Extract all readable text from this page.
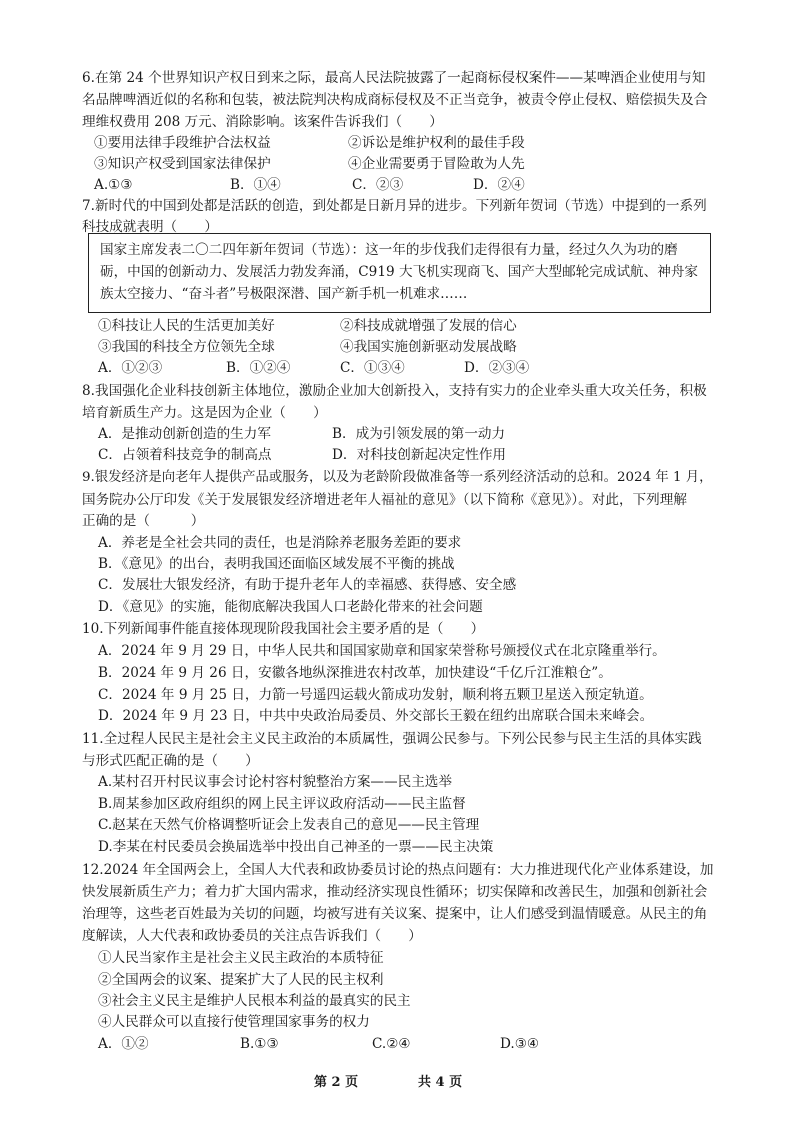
6.在第 24 个世界知识产权日到来之际，最高人民法院披露了一起商标侵权案件——某啤酒企业使用与知
名品牌啤酒近似的名称和包装，被法院判决构成商标侵权及不正当竞争，被责令停止侵权、赔偿损失及合
理维权费用 208 万元、消除影响。该案件告诉我们（　　）
①要用法律手段维护合法权益	②诉讼是维护权利的最佳手段
③知识产权受到国家法律保护	④企业需要勇于冒险敢为人先
A.①③	B．①④	C．②③	D．②④
7.新时代的中国到处都是活跃的创造，到处都是日新月异的进步。下列新年贺词（节选）中提到的一系列
科技成就表明（　　）
国家主席发表二〇二四年新年贺词（节选）：这一年的步伐我们走得很有力量，经过久久为功的磨
砺，中国的创新动力、发展活力勃发奔涌，C919 大飞机实现商飞、国产大型邮轮完成试航、神舟家
族太空接力、“奋斗者”号极限深潜、国产新手机一机难求……
①科技让人民的生活更加美好	②科技成就增强了发展的信心
③我国的科技全方位领先全球	④我国实施创新驱动发展战略
A．①②③	B．①②④	C．①③④	D．②③④
8.我国强化企业科技创新主体地位，激励企业加大创新投入，支持有实力的企业牵头重大攻关任务，积极
培育新质生产力。这是因为企业（　　）
A．是推动创新创造的生力军	B．成为引领发展的第一动力
C．占领着科技竞争的制高点	D．对科技创新起决定性作用
9.银发经济是向老年人提供产品或服务，以及为老龄阶段做准备等一系列经济活动的总和。2024 年 1 月，
国务院办公厅印发《关于发展银发经济增进老年人福祉的意见》（以下简称《意见》）。对此，下列理解
正确的是（　　　）
A．养老是全社会共同的责任，也是消除养老服务差距的要求
B．《意见》的出台，表明我国还面临区域发展不平衡的挑战
C．发展壮大银发经济，有助于提升老年人的幸福感、获得感、安全感
D．《意见》的实施，能彻底解决我国人口老龄化带来的社会问题
10.下列新闻事件能直接体现现阶段我国社会主要矛盾的是（　　）
A．2024 年 9 月 29 日，中华人民共和国国家勋章和国家荣誉称号颁授仪式在北京隆重举行。
B．2024 年 9 月 26 日，安徽各地纵深推进农村改革，加快建设“千亿斤江淮粮仓”。
C．2024 年 9 月 25 日，力箭一号遥四运载火箭成功发射，顺利将五颗卫星送入预定轨道。
D．2024 年 9 月 23 日，中共中央政治局委员、外交部长王毅在纽约出席联合国未来峰会。
11.全过程人民民主是社会主义民主政治的本质属性，强调公民参与。下列公民参与民主生活的具体实践
与形式匹配正确的是（　　）
A.某村召开村民议事会讨论村容村貌整治方案——民主选举
B.周某参加区政府组织的网上民主评议政府活动——民主监督
C.赵某在天然气价格调整听证会上发表自己的意见——民主管理
D.李某在村民委员会换届选举中投出自己神圣的一票——民主决策
12.2024 年全国两会上，全国人大代表和政协委员讨论的热点问题有：大力推进现代化产业体系建设，加
快发展新质生产力；着力扩大国内需求，推动经济实现良性循环；切实保障和改善民生，加强和创新社会
治理等，这些老百姓最为关切的问题，均被写进有关议案、提案中，让人们感受到温情暖意。从民主的角
度解读，人大代表和政协委员的关注点告诉我们（　　）
①人民当家作主是社会主义民主政治的本质特征
②全国两会的议案、提案扩大了人民的民主权利
③社会主义民主是维护人民根本利益的最真实的民主
④人民群众可以直接行使管理国家事务的权力
A．①②	B.①③	C.②④	D.③④
第 2 页	共 4 页
